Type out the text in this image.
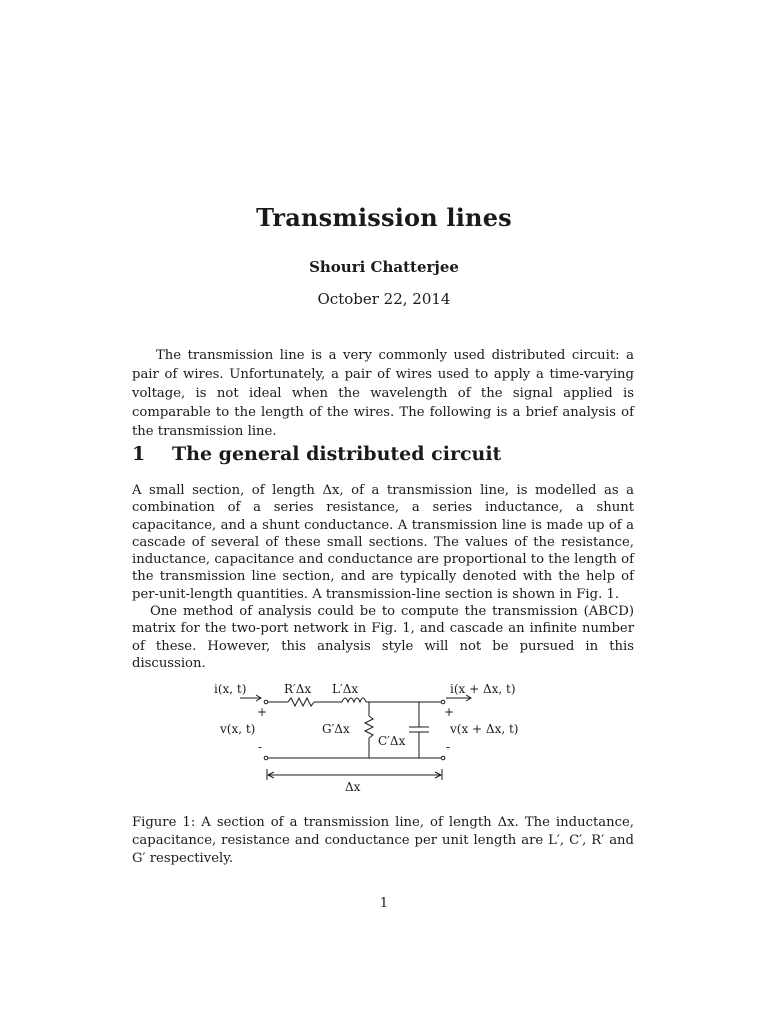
Transmission lines
Shouri Chatterjee
October 22, 2014
The transmission line is a very commonly used distributed circuit: a pair of wires. Unfortunately, a pair of wires used to apply a time-varying voltage, is not ideal when the wavelength of the signal applied is comparable to the length of the wires. The following is a brief analysis of the transmission line.
1 The general distributed circuit

A small section, of length Δx, of a transmission line, is modelled as a combination of a series resistance, a series inductance, a shunt capacitance, and a shunt conductance. A transmission line is made up of a cascade of several of these small sections. The values of the resistance, inductance, capacitance and conductance are proportional to the length of the transmission line section, and are typically denoted with the help of per-unit-length quantities. A transmission-line section is shown in Fig. 1.

One method of analysis could be to compute the transmission (ABCD) matrix for the two-port network in Fig. 1, and cascade an infinite number of these. However, this analysis style will not be pursued in this discussion.

i(x, t)	R′Δx L′Δx	i(x + Δx, t)
+	+
v(x, t)	G′Δx	v(x + Δx, t)
C′Δx
-	-
Δx
Figure 1: A section of a transmission line, of length Δx. The inductance, capacitance, resistance and conductance per unit length are L′, C′, R′ and G′ respectively.
1
